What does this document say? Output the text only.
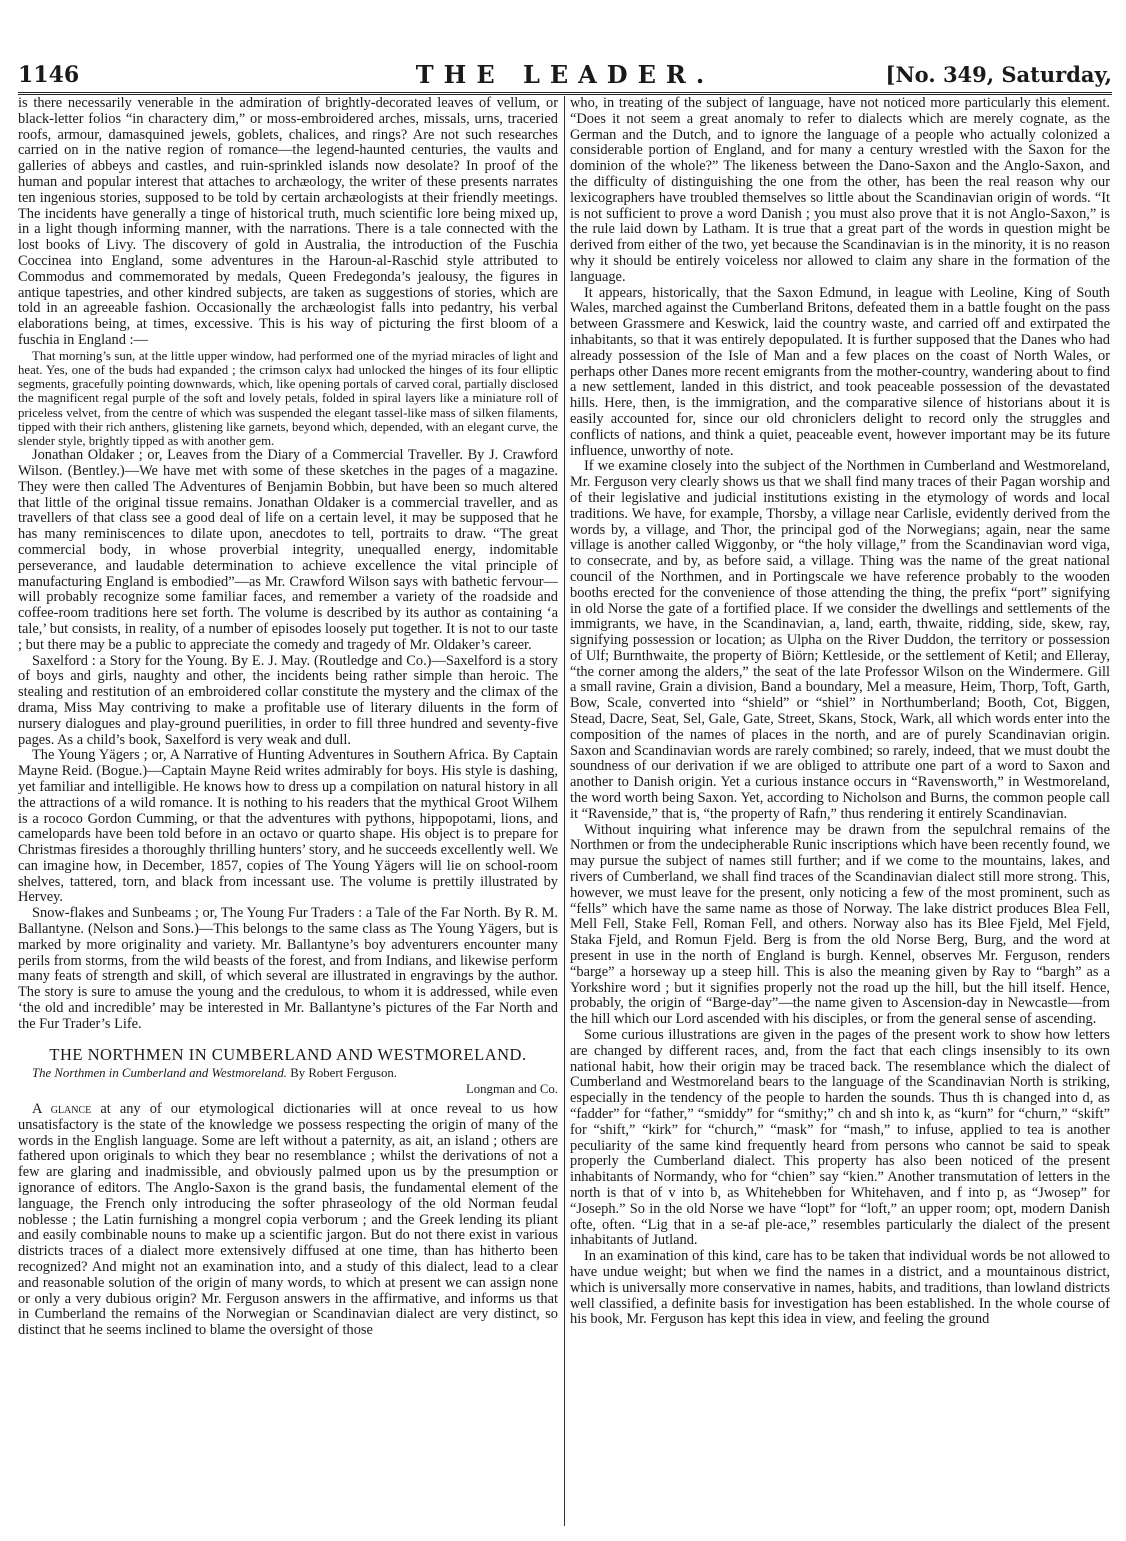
1146	THE LEADER.	[No. 349, Saturday,

is there necessarily venerable in the admiration of brightly-decorated leaves of vellum, or black-letter folios “in charactery dim,” or moss-embroidered arches, missals, urns, traceried roofs, armour, damasquined jewels, goblets, chalices, and rings? Are not such researches carried on in the native region of romance—the legend-haunted centuries, the vaults and galleries of abbeys and castles, and ruin-sprinkled islands now desolate? In proof of the human and popular interest that attaches to archæology, the writer of these presents narrates ten ingenious stories, supposed to be told by certain archæologists at their friendly meetings. The incidents have generally a tinge of historical truth, much scientific lore being mixed up, in a light though informing manner, with the narrations. There is a tale connected with the lost books of Livy. The discovery of gold in Australia, the introduction of the Fuschia Coccinea into England, some adventures in the Haroun-al-Raschid style attributed to Commodus and commemorated by medals, Queen Fredegonda’s jealousy, the figures in antique tapestries, and other kindred subjects, are taken as suggestions of stories, which are told in an agreeable fashion. Occasionally the archæologist falls into pedantry, his verbal elaborations being, at times, excessive. This is his way of picturing the first bloom of a fuschia in England :—

That morning’s sun, at the little upper window, had performed one of the myriad miracles of light and heat. Yes, one of the buds had expanded ; the crimson calyx had unlocked the hinges of its four elliptic segments, gracefully pointing downwards, which, like opening portals of carved coral, partially disclosed the magnificent regal purple of the soft and lovely petals, folded in spiral layers like a miniature roll of priceless velvet, from the centre of which was suspended the elegant tassel-like mass of silken filaments, tipped with their rich anthers, glistening like garnets, beyond which, depended, with an elegant curve, the slender style, brightly tipped as with another gem.

Jonathan Oldaker ; or, Leaves from the Diary of a Commercial Traveller. By J. Crawford Wilson. (Bentley.)—We have met with some of these sketches in the pages of a magazine. They were then called The Adventures of Benjamin Bobbin, but have been so much altered that little of the original tissue remains. Jonathan Oldaker is a commercial traveller, and as travellers of that class see a good deal of life on a certain level, it may be supposed that he has many reminiscences to dilate upon, anecdotes to tell, portraits to draw. “The great commercial body, in whose proverbial integrity, unequalled energy, indomitable perseverance, and laudable determination to achieve excellence the vital principle of manufacturing England is embodied”—as Mr. Crawford Wilson says with bathetic fervour—will probably recognize some familiar faces, and remember a variety of the roadside and coffee-room traditions here set forth. The volume is described by its author as containing ‘a tale,’ but consists, in reality, of a number of episodes loosely put together. It is not to our taste ; but there may be a public to appreciate the comedy and tragedy of Mr. Oldaker’s career.

Saxelford : a Story for the Young. By E. J. May. (Routledge and Co.)—Saxelford is a story of boys and girls, naughty and other, the incidents being rather simple than heroic. The stealing and restitution of an embroidered collar constitute the mystery and the climax of the drama, Miss May contriving to make a profitable use of literary diluents in the form of nursery dialogues and play-ground puerilities, in order to fill three hundred and seventy-five pages. As a child’s book, Saxelford is very weak and dull.

The Young Yägers ; or, A Narrative of Hunting Adventures in Southern Africa. By Captain Mayne Reid. (Bogue.)—Captain Mayne Reid writes admirably for boys. His style is dashing, yet familiar and intelligible. He knows how to dress up a compilation on natural history in all the attractions of a wild romance. It is nothing to his readers that the mythical Groot Wilhem is a rococo Gordon Cumming, or that the adventures with pythons, hippopotami, lions, and camelopards have been told before in an octavo or quarto shape. His object is to prepare for Christmas firesides a thoroughly thrilling hunters’ story, and he succeeds excellently well. We can imagine how, in December, 1857, copies of The Young Yägers will lie on school-room shelves, tattered, torn, and black from incessant use. The volume is prettily illustrated by Hervey.

Snow-flakes and Sunbeams ; or, The Young Fur Traders : a Tale of the Far North. By R. M. Ballantyne. (Nelson and Sons.)—This belongs to the same class as The Young Yägers, but is marked by more originality and variety. Mr. Ballantyne’s boy adventurers encounter many perils from storms, from the wild beasts of the forest, and from Indians, and likewise perform many feats of strength and skill, of which several are illustrated in engravings by the author. The story is sure to amuse the young and the credulous, to whom it is addressed, while even ‘the old and incredible’ may be interested in Mr. Ballantyne’s pictures of the Far North and the Fur Trader’s Life.

THE NORTHMEN IN CUMBERLAND AND WESTMORELAND.

The Northmen in Cumberland and Westmoreland. By Robert Ferguson.

Longman and Co.

A glance at any of our etymological dictionaries will at once reveal to us how unsatisfactory is the state of the knowledge we possess respecting the origin of many of the words in the English language. Some are left without a paternity, as ait, an island ; others are fathered upon originals to which they bear no resemblance ; whilst the derivations of not a few are glaring and inadmissible, and obviously palmed upon us by the presumption or ignorance of editors. The Anglo-Saxon is the grand basis, the fundamental element of the language, the French only introducing the softer phraseology of the old Norman feudal noblesse ; the Latin furnishing a mongrel copia verborum ; and the Greek lending its pliant and easily combinable nouns to make up a scientific jargon. But do not there exist in various districts traces of a dialect more extensively diffused at one time, than has hitherto been recognized? And might not an examination into, and a study of this dialect, lead to a clear and reasonable solution of the origin of many words, to which at present we can assign none or only a very dubious origin? Mr. Ferguson answers in the affirmative, and informs us that in Cumberland the remains of the Norwegian or Scandinavian dialect are very distinct, so distinct that he seems inclined to blame the oversight of those

who, in treating of the subject of language, have not noticed more particularly this element. “Does it not seem a great anomaly to refer to dialects which are merely cognate, as the German and the Dutch, and to ignore the language of a people who actually colonized a considerable portion of England, and for many a century wrestled with the Saxon for the dominion of the whole?” The likeness between the Dano-Saxon and the Anglo-Saxon, and the difficulty of distinguishing the one from the other, has been the real reason why our lexicographers have troubled themselves so little about the Scandinavian origin of words. “It is not sufficient to prove a word Danish ; you must also prove that it is not Anglo-Saxon,” is the rule laid down by Latham. It is true that a great part of the words in question might be derived from either of the two, yet because the Scandinavian is in the minority, it is no reason why it should be entirely voiceless nor allowed to claim any share in the formation of the language.

It appears, historically, that the Saxon Edmund, in league with Leoline, King of South Wales, marched against the Cumberland Britons, defeated them in a battle fought on the pass between Grassmere and Keswick, laid the country waste, and carried off and extirpated the inhabitants, so that it was entirely depopulated. It is further supposed that the Danes who had already possession of the Isle of Man and a few places on the coast of North Wales, or perhaps other Danes more recent emigrants from the mother-country, wandering about to find a new settlement, landed in this district, and took peaceable possession of the devastated hills. Here, then, is the immigration, and the comparative silence of historians about it is easily accounted for, since our old chroniclers delight to record only the struggles and conflicts of nations, and think a quiet, peaceable event, however important may be its future influence, unworthy of note.

If we examine closely into the subject of the Northmen in Cumberland and Westmoreland, Mr. Ferguson very clearly shows us that we shall find many traces of their Pagan worship and of their legislative and judicial institutions existing in the etymology of words and local traditions. We have, for example, Thorsby, a village near Carlisle, evidently derived from the words by, a village, and Thor, the principal god of the Norwegians; again, near the same village is another called Wiggonby, or “the holy village,” from the Scandinavian word viga, to consecrate, and by, as before said, a village. Thing was the name of the great national council of the Northmen, and in Portingscale we have reference probably to the wooden booths erected for the convenience of those attending the thing, the prefix “port” signifying in old Norse the gate of a fortified place. If we consider the dwellings and settlements of the immigrants, we have, in the Scandinavian, a, land, earth, thwaite, ridding, side, skew, ray, signifying possession or location; as Ulpha on the River Duddon, the territory or possession of Ulf; Burnthwaite, the property of Biörn; Kettleside, or the settlement of Ketil; and Elleray, “the corner among the alders,” the seat of the late Professor Wilson on the Windermere. Gill a small ravine, Grain a division, Band a boundary, Mel a measure, Heim, Thorp, Toft, Garth, Bow, Scale, converted into “shield” or “shiel” in Northumberland; Booth, Cot, Biggen, Stead, Dacre, Seat, Sel, Gale, Gate, Street, Skans, Stock, Wark, all which words enter into the composition of the names of places in the north, and are of purely Scandinavian origin. Saxon and Scandinavian words are rarely combined; so rarely, indeed, that we must doubt the soundness of our derivation if we are obliged to attribute one part of a word to Saxon and another to Danish origin. Yet a curious instance occurs in “Ravensworth,” in Westmoreland, the word worth being Saxon. Yet, according to Nicholson and Burns, the common people call it “Ravenside,” that is, “the property of Rafn,” thus rendering it entirely Scandinavian.

Without inquiring what inference may be drawn from the sepulchral remains of the Northmen or from the undecipherable Runic inscriptions which have been recently found, we may pursue the subject of names still further; and if we come to the mountains, lakes, and rivers of Cumberland, we shall find traces of the Scandinavian dialect still more strong. This, however, we must leave for the present, only noticing a few of the most prominent, such as “fells” which have the same name as those of Norway. The lake district produces Blea Fell, Mell Fell, Stake Fell, Roman Fell, and others. Norway also has its Blee Fjeld, Mel Fjeld, Staka Fjeld, and Romun Fjeld. Berg is from the old Norse Berg, Burg, and the word at present in use in the north of England is burgh. Kennel, observes Mr. Ferguson, renders “barge” a horseway up a steep hill. This is also the meaning given by Ray to “bargh” as a Yorkshire word ; but it signifies properly not the road up the hill, but the hill itself. Hence, probably, the origin of “Barge-day”—the name given to Ascension-day in Newcastle—from the hill which our Lord ascended with his disciples, or from the general sense of ascending.

Some curious illustrations are given in the pages of the present work to show how letters are changed by different races, and, from the fact that each clings insensibly to its own national habit, how their origin may be traced back. The resemblance which the dialect of Cumberland and Westmoreland bears to the language of the Scandinavian North is striking, especially in the tendency of the people to harden the sounds. Thus th is changed into d, as “fadder” for “father,” “smiddy” for “smithy;” ch and sh into k, as “kurn” for “churn,” “skift” for “shift,” “kirk” for “church,” “mask” for “mash,” to infuse, applied to tea is another peculiarity of the same kind frequently heard from persons who cannot be said to speak properly the Cumberland dialect. This property has also been noticed of the present inhabitants of Normandy, who for “chien” say “kien.” Another transmutation of letters in the north is that of v into b, as Whitehebben for Whitehaven, and f into p, as “Jwosep” for “Joseph.” So in the old Norse we have “lopt” for “loft,” an upper room; opt, modern Danish ofte, often. “Lig that in a se-af ple-ace,” resembles particularly the dialect of the present inhabitants of Jutland.

In an examination of this kind, care has to be taken that individual words be not allowed to have undue weight; but when we find the names in a district, and a mountainous district, which is universally more conservative in names, habits, and traditions, than lowland districts well classified, a definite basis for investigation has been established. In the whole course of his book, Mr. Ferguson has kept this idea in view, and feeling the ground
